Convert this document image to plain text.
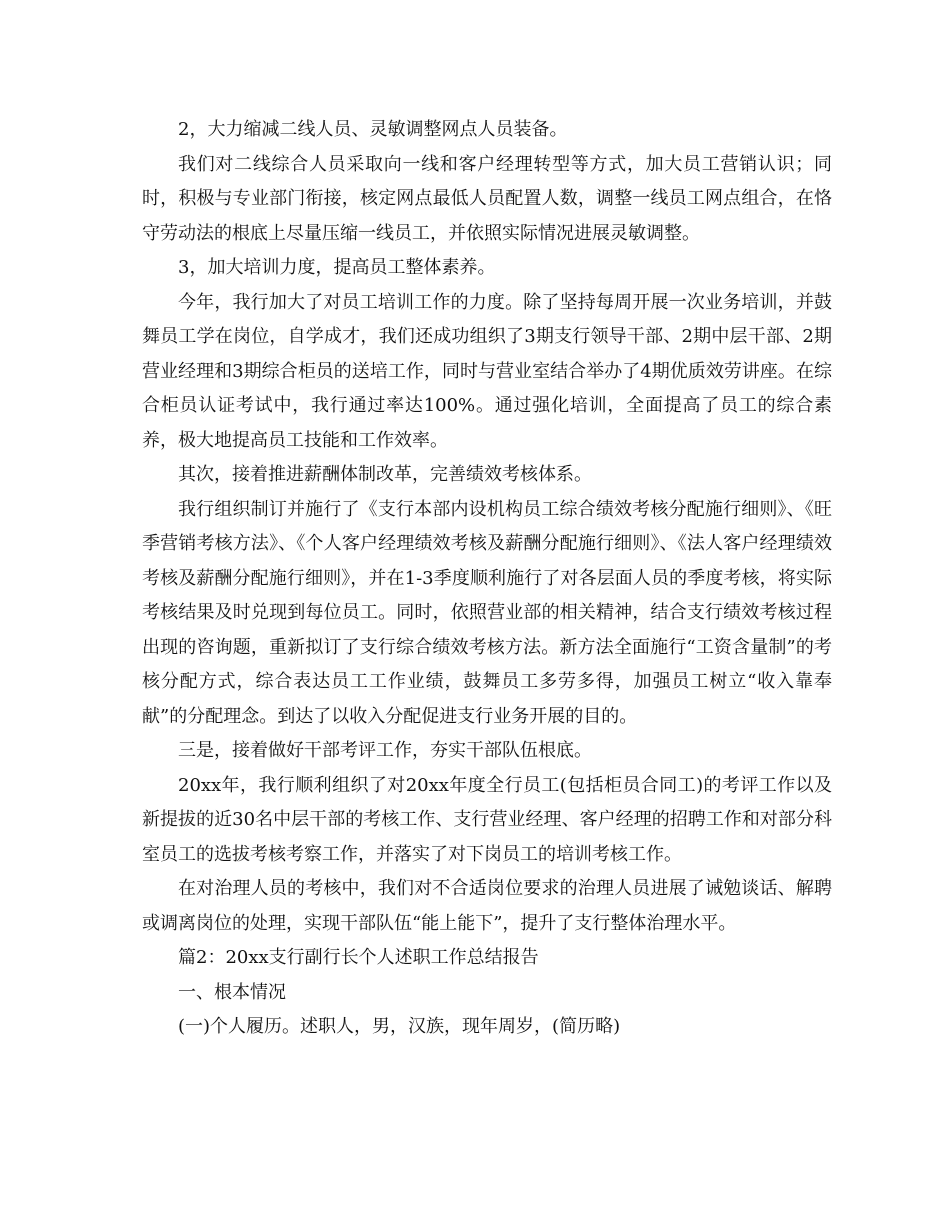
2，大力缩减二线人员、灵敏调整网点人员装备。

我们对二线综合人员采取向一线和客户经理转型等方式，加大员工营销认识；同时，积极与专业部门衔接，核定网点最低人员配置人数，调整一线员工网点组合，在恪守劳动法的根底上尽量压缩一线员工，并依照实际情况进展灵敏调整。

3，加大培训力度，提高员工整体素养。

今年，我行加大了对员工培训工作的力度。除了坚持每周开展一次业务培训，并鼓舞员工学在岗位，自学成才，我们还成功组织了3期支行领导干部、2期中层干部、2期营业经理和3期综合柜员的送培工作，同时与营业室结合举办了4期优质效劳讲座。在综合柜员认证考试中，我行通过率达100%。通过强化培训，全面提高了员工的综合素养，极大地提高员工技能和工作效率。

其次，接着推进薪酬体制改革，完善绩效考核体系。

我行组织制订并施行了《支行本部内设机构员工综合绩效考核分配施行细则》、《旺季营销考核方法》、《个人客户经理绩效考核及薪酬分配施行细则》、《法人客户经理绩效考核及薪酬分配施行细则》，并在1-3季度顺利施行了对各层面人员的季度考核，将实际考核结果及时兑现到每位员工。同时，依照营业部的相关精神，结合支行绩效考核过程出现的咨询题，重新拟订了支行综合绩效考核方法。新方法全面施行“工资含量制”的考核分配方式，综合表达员工工作业绩，鼓舞员工多劳多得，加强员工树立“收入靠奉献”的分配理念。到达了以收入分配促进支行业务开展的目的。

三是，接着做好干部考评工作，夯实干部队伍根底。

20xx年，我行顺利组织了对20xx年度全行员工(包括柜员合同工)的考评工作以及新提拔的近30名中层干部的考核工作、支行营业经理、客户经理的招聘工作和对部分科室员工的选拔考核考察工作，并落实了对下岗员工的培训考核工作。

在对治理人员的考核中，我们对不合适岗位要求的治理人员进展了诫勉谈话、解聘或调离岗位的处理，实现干部队伍“能上能下”，提升了支行整体治理水平。

篇2：20xx支行副行长个人述职工作总结报告

一、根本情况

(一)个人履历。述职人，男，汉族，现年周岁，(简历略)
